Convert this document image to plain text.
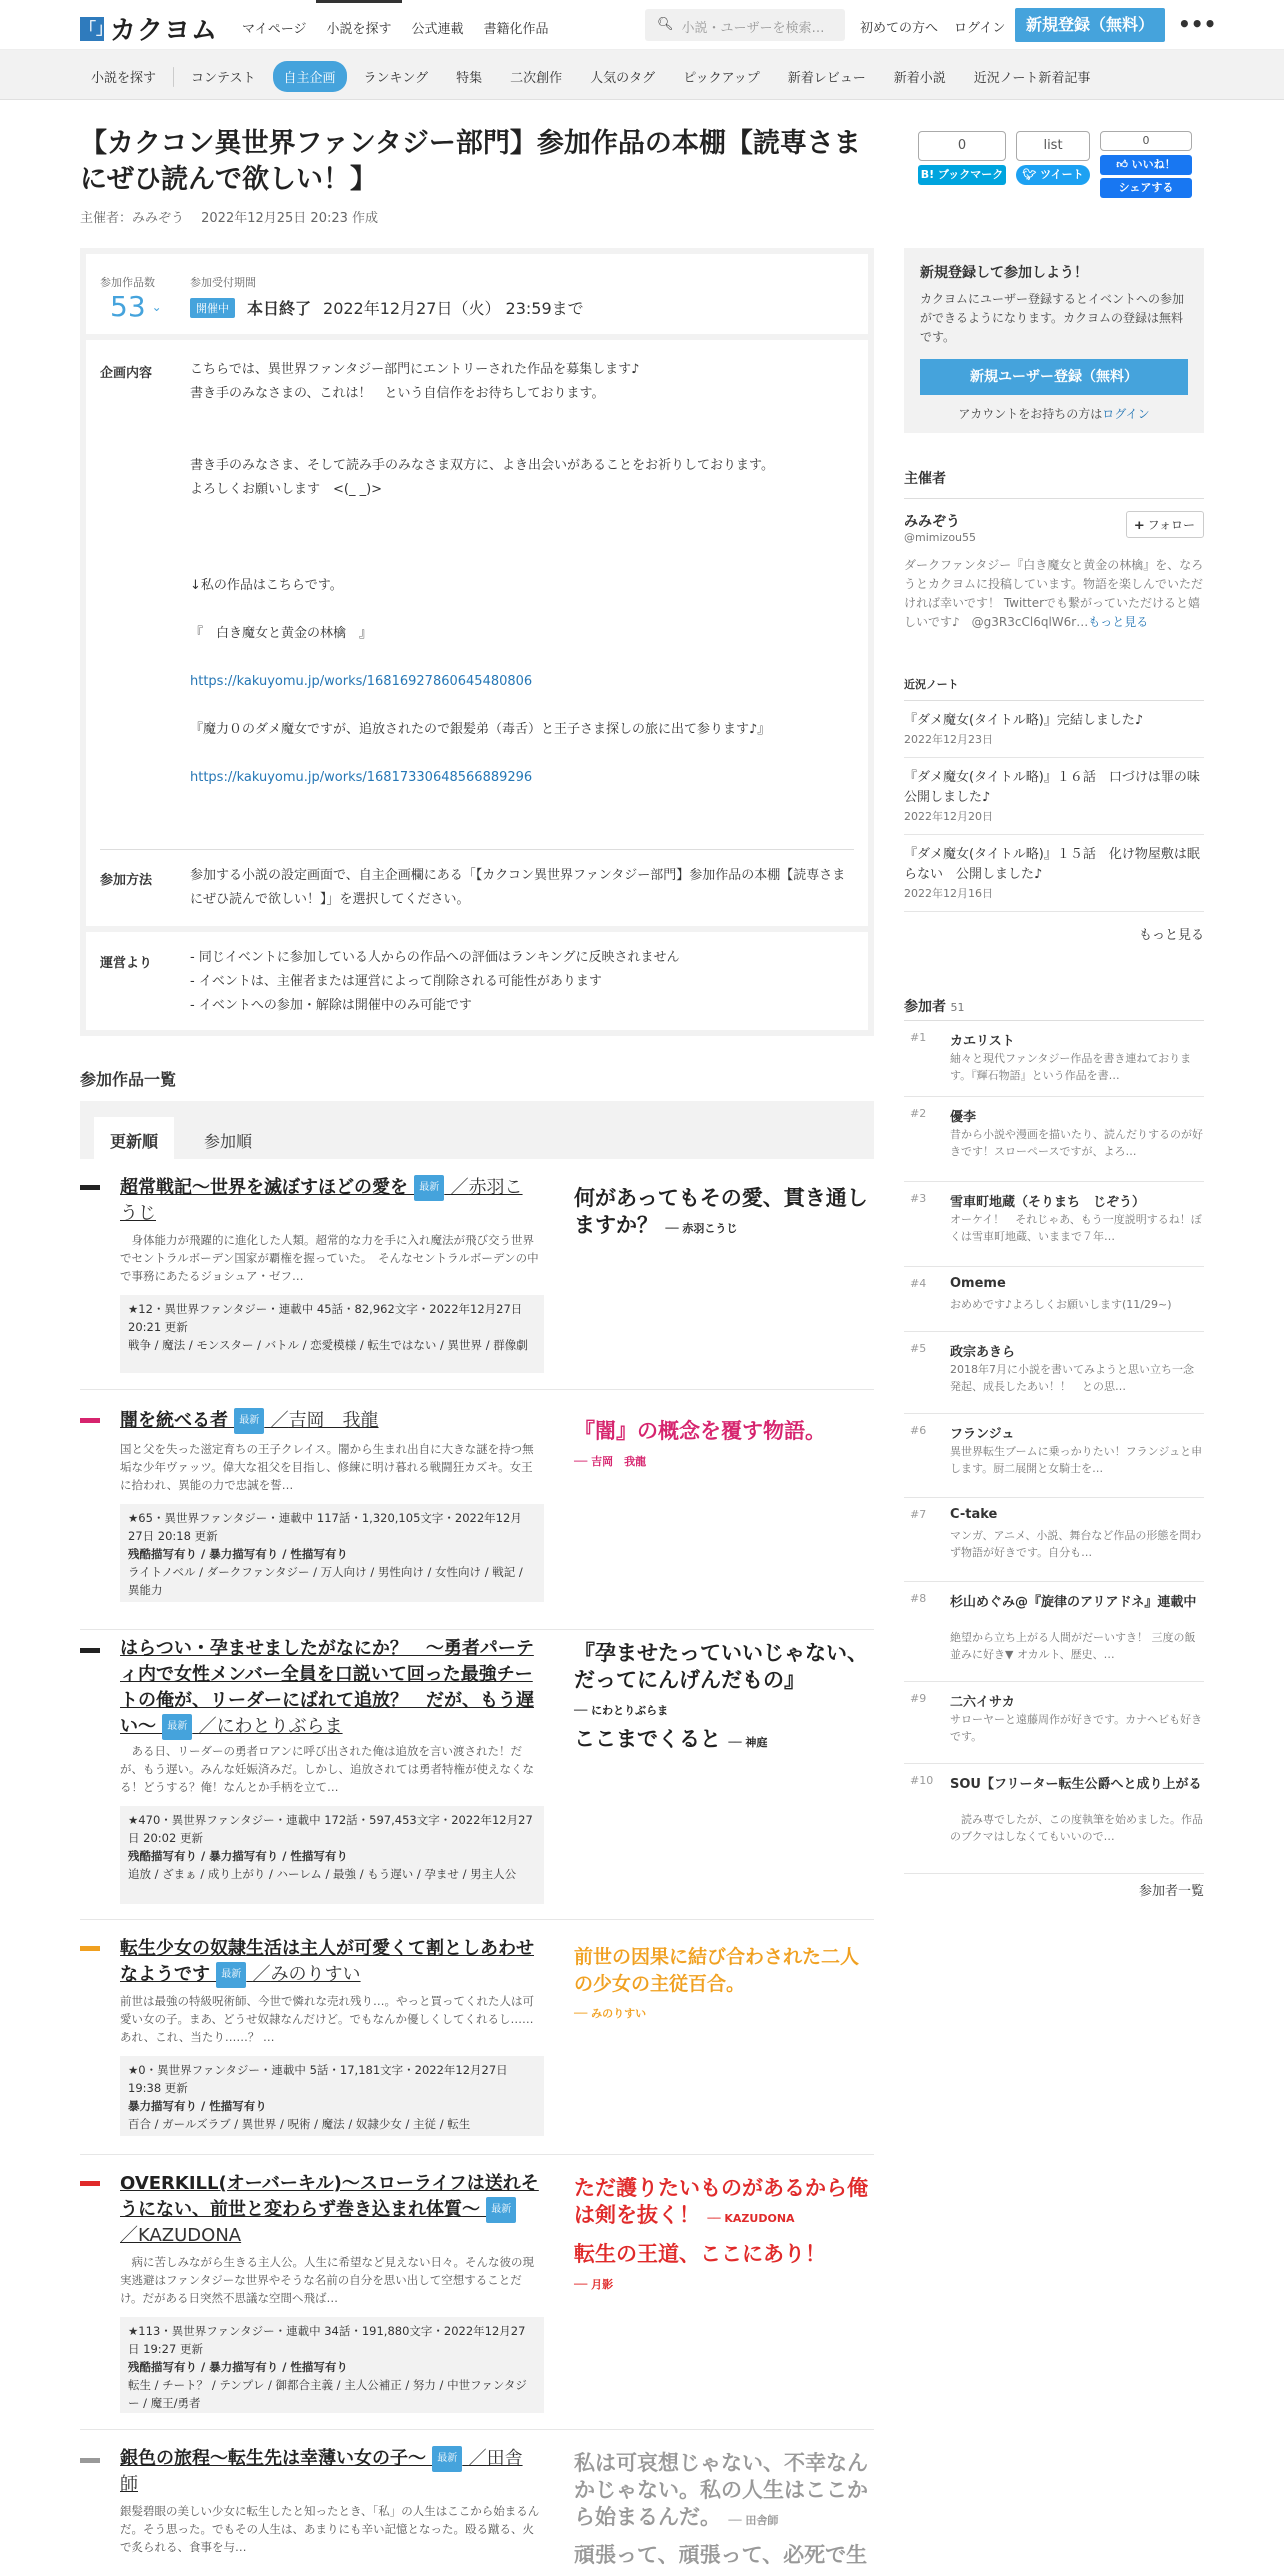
「」
カクヨム	マイページ	小説を探す	公式連載	書籍化作品	🔍︎ 小説・ユーザーを検索…	初めての方へ ログイン	新規登録（無料）	•••
小説を探す	コンテスト	自主企画	ランキング	特集	二次創作	人気のタグ	ピックアップ	新着レビュー	新着小説	近況ノート新着記事
【カクコン異世界ファンタジー部門】参加作品の本棚【読専さまにぜひ読んで欲しい！】
主催者：みみぞう　 2022年12月25日 20:23 作成
0
B! ブックマーク
list
🐦︎ ツイート
0
👍︎ いいね！
シェアする
参加作品数
53 ⌄
参加受付期間
開催中	本日終了 2022年12月27日（火） 23:59まで
企画内容	こちらでは、異世界ファンタジー部門にエントリーされた作品を募集します♪
書き手のみなさまの、これは！　という自信作をお待ちしております。
書き手のみなさま、そして読み手のみなさま双方に、よき出会いがあることをお祈りしております。
よろしくお願いします　<(_ _)>
↓私の作品はこちらです。
『　白き魔女と黄金の林檎　』
https://kakuyomu.jp/works/16816927860645480806
『魔力０のダメ魔女ですが、追放されたので銀髪弟（毒舌）と王子さま探しの旅に出て参ります♪』
https://kakuyomu.jp/works/16817330648566889296
参加方法	参加する小説の設定画面で、自主企画欄にある「【カクコン異世界ファンタジー部門】参加作品の本棚【読専さまにぜひ読んで欲しい！】」を選択してください。
運営より	- 同じイベントに参加している人からの作品への評価はランキングに反映されません
- イベントは、主催者または運営によって削除される可能性があります
- イベントへの参加・解除は開催中のみ可能です
参加作品一覧
更新順	参加順
超常戦記～世界を滅ぼすほどの愛を 最新 ／赤羽こうじ
　身体能力が飛躍的に進化した人類。超常的な力を手に入れ魔法が飛び交う世界でセントラルボーデン国家が覇権を握っていた。　そんなセントラルボーデンの中で事務にあたるジョシュア・ゼフ…
★12・異世界ファンタジー・連載中 45話・82,962文字・2022年12月27日 20:21 更新
戦争 / 魔法 / モンスター / バトル / 恋愛模様 / 転生ではない / 異世界 / 群像劇
何があってもその愛、貫き通しますか？ ── 赤羽こうじ
闇を統べる者 最新 ／吉岡　我龍
国と父を失った滋定育ちの王子クレイス。闇から生まれ出自に大きな謎を持つ無垢な少年ヴァッツ。偉大な祖父を目指し、修練に明け暮れる戦闘狂カズキ。女王に拾われ、異能の力で忠誠を誓…
★65・異世界ファンタジー・連載中 117話・1,320,105文字・2022年12月27日 20:18 更新
残酷描写有り / 暴力描写有り / 性描写有り
ライトノベル / ダークファンタジー / 万人向け / 男性向け / 女性向け / 戦記 / 異能力
『闇』の概念を覆す物語。
── 吉岡　我龍
はらつい・孕ませましたがなにか？　～勇者パーティ内で女性メンバー全員を口説いて回った最強チートの俺が、リーダーにばれて追放？　だが、もう遅い～ 最新 ／にわとりぶらま
　ある日、リーダーの勇者ロアンに呼び出された俺は追放を言い渡された！だが、もう遅い。みんな妊娠済みだ。しかし、追放されては勇者特権が使えなくなる！どうする？俺！なんとか手柄を立て…
★470・異世界ファンタジー・連載中 172話・597,453文字・2022年12月27日 20:02 更新
残酷描写有り / 暴力描写有り / 性描写有り
追放 / ざまぁ / 成り上がり / ハーレム / 最強 / もう遅い / 孕ませ / 男主人公
『孕ませたっていいじゃない、だってにんげんだもの』
── にわとりぶらま
ここまでくると ── 神庭
転生少女の奴隷生活は主人が可愛くて割としあわせなようです 最新 ／みのりすい
前世は最強の特級呪術師、今世で憐れな売れ残り…。やっと買ってくれた人は可愛い女の子。まあ、どうせ奴隷なんだけど。でもなんか優しくしてくれるし……あれ、これ、当たり……？ …
★0・異世界ファンタジー・連載中 5話・17,181文字・2022年12月27日 19:38 更新
暴力描写有り / 性描写有り
百合 / ガールズラブ / 異世界 / 呪術 / 魔法 / 奴隷少女 / 主従 / 転生
前世の因果に結び合わされた二人の少女の主従百合。
── みのりすい
OVERKILL(オーバーキル)～スローライフは送れそうにない、前世と変わらず巻き込まれ体質～ 最新 ／KAZUDONA
　病に苦しみながら生きる主人公。人生に希望など見えない日々。そんな彼の現実逃避はファンタジーな世界やそうな名前の自分を思い出して空想することだけ。だがある日突然不思議な空間へ飛ば…
★113・異世界ファンタジー・連載中 34話・191,880文字・2022年12月27日 19:27 更新
残酷描写有り / 暴力描写有り / 性描写有り
転生 / チート？ / テンプレ / 御都合主義 / 主人公補正 / 努力 / 中世ファンタジー / 魔王/勇者
ただ護りたいものがあるから俺は剣を抜く！ ── KAZUDONA
転生の王道、ここにあり！
── 月影
銀色の旅程～転生先は幸薄い女の子～ 最新 ／田舎師
銀髪碧眼の美しい少女に転生したと知ったとき、「私」の人生はここから始まるんだ。そう思った。でもその人生は、あまりにも辛い記憶となった。殴る蹴る、火で炙られる、食事を与…
私は可哀想じゃない、不幸なんかじゃない。私の人生はここから始まるんだ。 ── 田舎師
頑張って、頑張って、必死で生
新規登録して参加しよう！
カクヨムにユーザー登録するとイベントへの参加ができるようになります。カクヨムの登録は無料です。
新規ユーザー登録（無料）
アカウントをお持ちの方はログイン
主催者
みみぞう
@mimizou55
➕︎ フォロー
ダークファンタジー『白き魔女と黄金の林檎』を、なろうとカクヨムに投稿しています。物語を楽しんでいただければ幸いです！ Twitterでも繋がっていただけると嬉しいです♪　@g3R3cCl6qlW6r…もっと見る
近況ノート
『ダメ魔女(タイトル略)』完結しました♪
2022年12月23日
『ダメ魔女(タイトル略)』１６話　口づけは罪の味　公開しました♪
2022年12月20日
『ダメ魔女(タイトル略)』１５話　化け物屋敷は眠らない　公開しました♪
2022年12月16日
もっと見る
参加者 51
#1 カエリスト
紬々と現代ファンタジー作品を書き連ねております。『輝石物語』という作品を書…
#2 優李
昔から小説や漫画を描いたり、読んだりするのが好きです！スローペースですが、よろ…
#3 雪車町地蔵（そりまち　じぞう）
オーケイ！　それじゃあ、もう一度説明するね！ぼくは雪車町地蔵、いままで７年…
#4 Omeme
おめめです♪よろしくお願いします(11/29~)
#5 政宗あきら
2018年7月に小説を書いてみようと思い立ち一念発起、成長したあい！！　との思…
#6 フランジュ
異世界転生ブームに乗っかりたい！フランジュと申します。厨二展開と女騎士を…
#7 C-take
マンガ、アニメ、小説、舞台など作品の形態を問わず物語が好きです。自分も…
#8 杉山めぐみ@『旋律のアリアドネ』連載中
絶望から立ち上がる人間がだーいすき！ 三度の飯並みに好き▼ オカルト、歴史、…
#9 二六イサカ
サローヤーと遠藤周作が好きです。カナヘビも好きです。
#10 SOU【フリーター転生公爵へと成り上がる
　読み専でしたが、この度執筆を始めました。作品のブクマはしなくてもいいので…
参加者一覧
